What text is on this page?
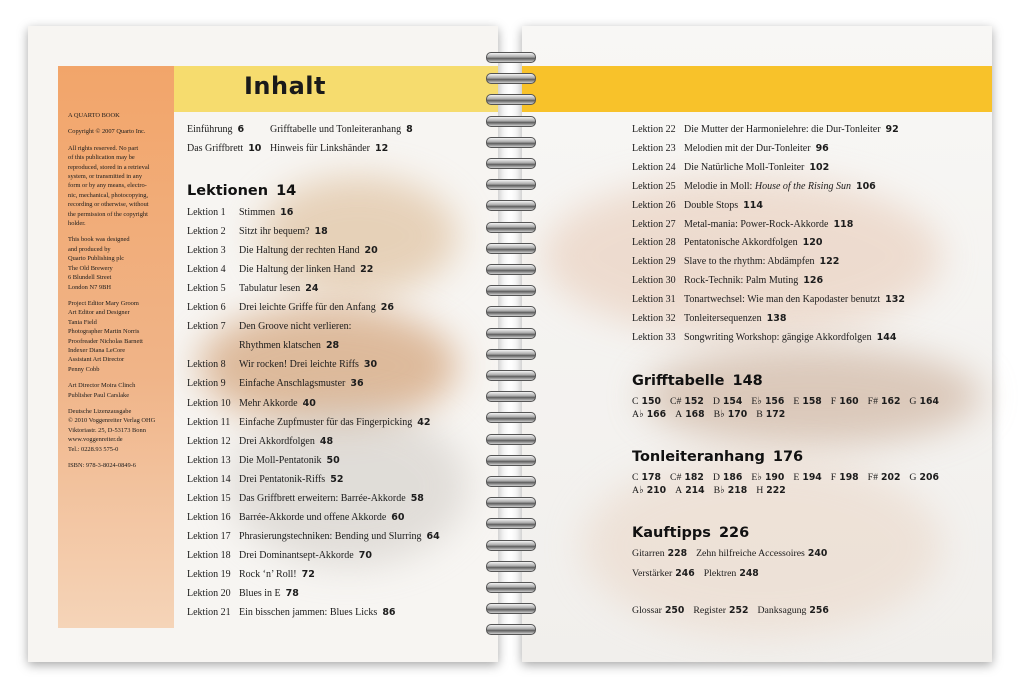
Inhalt

A QUARTO BOOK

Copyright © 2007 Quarto Inc.

All rights reserved. No part
of this publication may be
reproduced, stored in a retrieval
system, or transmitted in any
form or by any means, electro-
nic, mechanical, photocopying,
recording or otherwise, without
the permission of the copyright
holder.

This book was designed
and produced by
Quarto Publishing plc
The Old Brewery
6 Blundell Street
London N7 9BH

Project Editor Mary Groom
Art Editor and Designer
Tania Field
Photographer Martin Norris
Proofreader Nicholas Barnett
Indexer Diana LeCore
Assistant Art Director
Penny Cobb

Art Director Moira Clinch
Publisher Paul Carslake

Deutsche Lizenzausgabe
© 2010 Voggenreiter Verlag OHG
Viktoriastr. 25, D-53173 Bonn
www.voggenreiter.de
Tel.: 0228.93 575-0

ISBN: 978-3-8024-0849-6

Einführung 6	Grifftabelle und Tonleiteranhang 8
Das Griffbrett 10 Hinweis für Linkshänder 12
Lektionen 14
Lektion 1 Stimmen 16
Lektion 2 Sitzt ihr bequem? 18
Lektion 3 Die Haltung der rechten Hand 20
Lektion 4 Die Haltung der linken Hand 22
Lektion 5 Tabulatur lesen 24
Lektion 6 Drei leichte Griffe für den Anfang 26
Lektion 7 Den Groove nicht verlieren:
Rhythmen klatschen 28
Lektion 8 Wir rocken! Drei leichte Riffs 30
Lektion 9 Einfache Anschlagsmuster 36
Lektion 10 Mehr Akkorde 40
Lektion 11 Einfache Zupfmuster für das Fingerpicking 42
Lektion 12 Drei Akkordfolgen 48
Lektion 13 Die Moll-Pentatonik 50
Lektion 14 Drei Pentatonik-Riffs 52
Lektion 15 Das Griffbrett erweitern: Barrée-Akkorde 58
Lektion 16 Barrée-Akkorde und offene Akkorde 60
Lektion 17 Phrasierungstechniken: Bending und Slurring 64
Lektion 18 Drei Dominantsept-Akkorde 70
Lektion 19 Rock ‘n’ Roll! 72
Lektion 20 Blues in E 78
Lektion 21 Ein bisschen jammen: Blues Licks 86
Lektion 22 Die Mutter der Harmonielehre: die Dur-Tonleiter 92
Lektion 23 Melodien mit der Dur-Tonleiter 96
Lektion 24 Die Natürliche Moll-Tonleiter 102
Lektion 25 Melodie in Moll: House of the Rising Sun 106
Lektion 26 Double Stops 114
Lektion 27 Metal-mania: Power-Rock-Akkorde 118
Lektion 28 Pentatonische Akkordfolgen 120
Lektion 29 Slave to the rhythm: Abdämpfen 122
Lektion 30 Rock-Technik: Palm Muting 126
Lektion 31 Tonartwechsel: Wie man den Kapodaster benutzt 132
Lektion 32 Tonleitersequenzen 138
Lektion 33 Songwriting Workshop: gängige Akkordfolgen 144
Grifftabelle 148
C 150 C# 152 D 154 E♭ 156 E 158 F 160 F# 162 G 164
A♭ 166 A 168 B♭ 170 B 172
Tonleiteranhang 176
C 178 C# 182 D 186 E♭ 190 E 194 F 198 F# 202 G 206
A♭ 210 A 214 B♭ 218 H 222
Kauftipps 226
Gitarren 228 Zehn hilfreiche Accessoires 240
Verstärker 246 Plektren 248
Glossar 250 Register 252 Danksagung 256
